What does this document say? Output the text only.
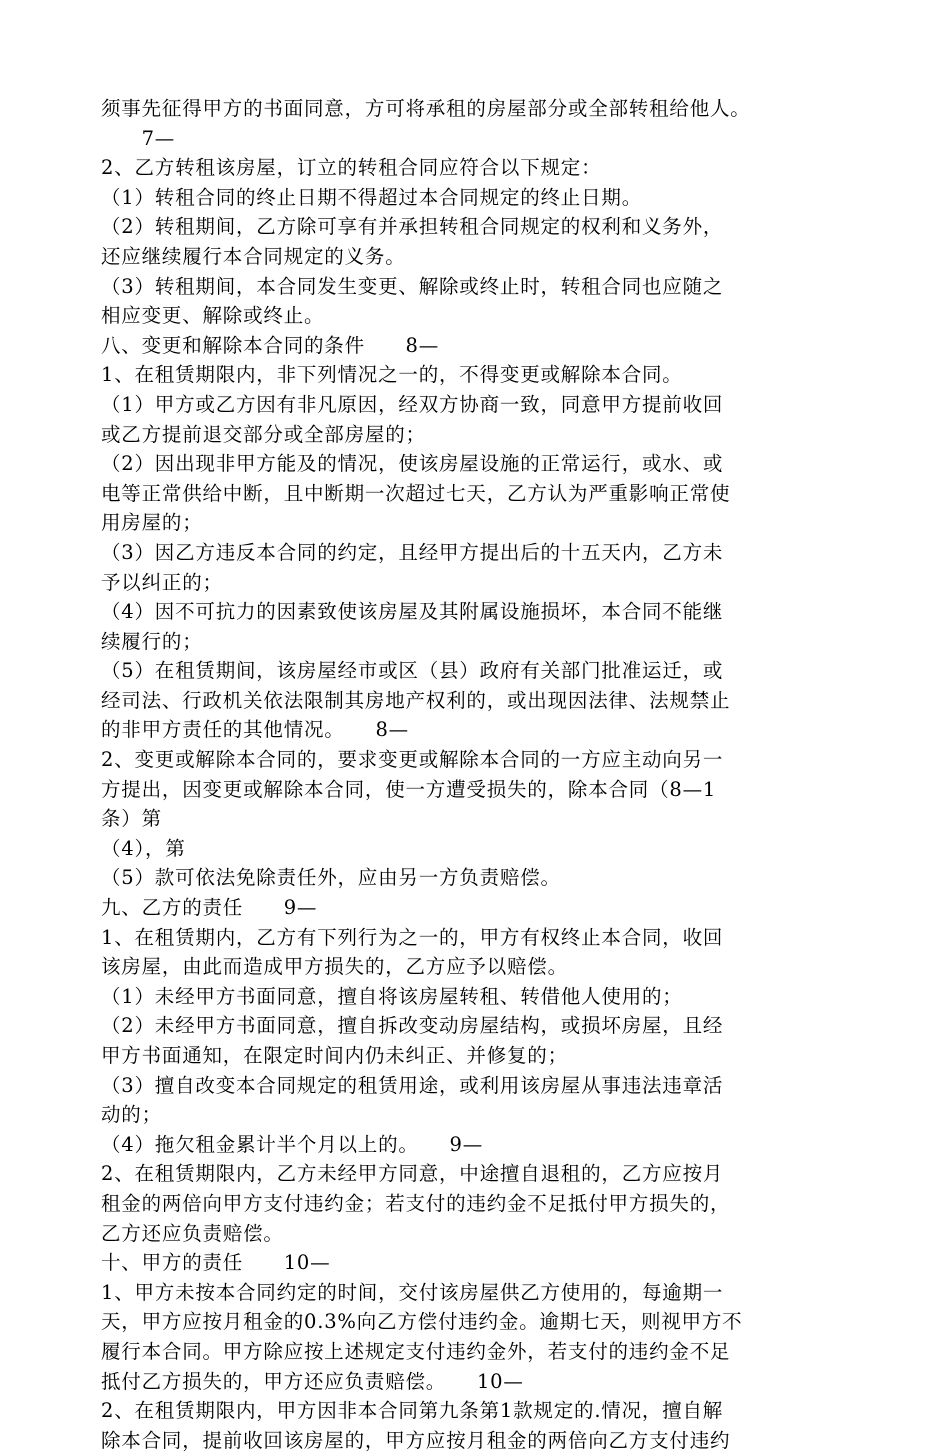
须事先征得甲方的书面同意，方可将承租的房屋部分或全部转租给他人。
　　7—
2、乙方转租该房屋，订立的转租合同应符合以下规定：
（1）转租合同的终止日期不得超过本合同规定的终止日期。
（2）转租期间，乙方除可享有并承担转租合同规定的权利和义务外，
还应继续履行本合同规定的义务。
（3）转租期间，本合同发生变更、解除或终止时，转租合同也应随之
相应变更、解除或终止。
八、变更和解除本合同的条件　　8—
1、在租赁期限内，非下列情况之一的，不得变更或解除本合同。
（1）甲方或乙方因有非凡原因，经双方协商一致，同意甲方提前收回
或乙方提前退交部分或全部房屋的；
（2）因出现非甲方能及的情况，使该房屋设施的正常运行，或水、或
电等正常供给中断，且中断期一次超过七天，乙方认为严重影响正常使
用房屋的；
（3）因乙方违反本合同的约定，且经甲方提出后的十五天内，乙方未
予以纠正的；
（4）因不可抗力的因素致使该房屋及其附属设施损坏，本合同不能继
续履行的；
（5）在租赁期间，该房屋经市或区（县）政府有关部门批准运迁，或
经司法、行政机关依法限制其房地产权利的，或出现因法律、法规禁止
的非甲方责任的其他情况。　　8—
2、变更或解除本合同的，要求变更或解除本合同的一方应主动向另一
方提出，因变更或解除本合同，使一方遭受损失的，除本合同（8—1
条）第
（4），第
（5）款可依法免除责任外，应由另一方负责赔偿。
九、乙方的责任　　9—
1、在租赁期内，乙方有下列行为之一的，甲方有权终止本合同，收回
该房屋，由此而造成甲方损失的，乙方应予以赔偿。
（1）未经甲方书面同意，擅自将该房屋转租、转借他人使用的；
（2）未经甲方书面同意，擅自拆改变动房屋结构，或损坏房屋，且经
甲方书面通知，在限定时间内仍未纠正、并修复的；
（3）擅自改变本合同规定的租赁用途，或利用该房屋从事违法违章活
动的；
（4）拖欠租金累计半个月以上的。　　9—
2、在租赁期限内，乙方未经甲方同意，中途擅自退租的，乙方应按月
租金的两倍向甲方支付违约金；若支付的违约金不足抵付甲方损失的，
乙方还应负责赔偿。
十、甲方的责任　　10—
1、甲方未按本合同约定的时间，交付该房屋供乙方使用的，每逾期一
天，甲方应按月租金的0.3%向乙方偿付违约金。逾期七天，则视甲方不
履行本合同。甲方除应按上述规定支付违约金外，若支付的违约金不足
抵付乙方损失的，甲方还应负责赔偿。　　10—
2、在租赁期限内，甲方因非本合同第九条第1款规定的.情况，擅自解
除本合同，提前收回该房屋的，甲方应按月租金的两倍向乙方支付违约
